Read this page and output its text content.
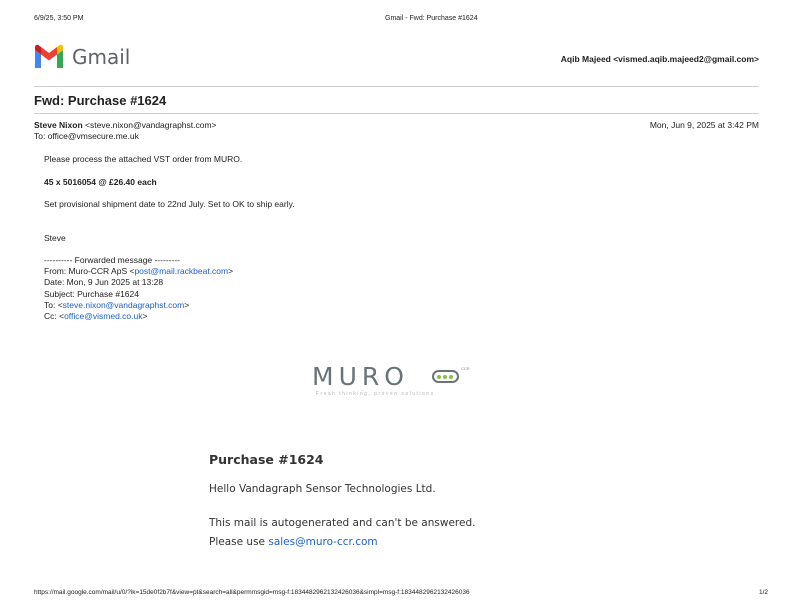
6/9/25, 3:50 PM	Gmail - Fwd: Purchase #1624
Gmail	Aqib Majeed <vismed.aqib.majeed2@gmail.com>
Fwd: Purchase #1624
Steve Nixon <steve.nixon@vandagraphst.com>	Mon, Jun 9, 2025 at 3:42 PM
To: office@vmsecure.me.uk
Please process the attached VST order from MURO.
45 x 5016054 @ £26.40 each
Set provisional shipment date to 22nd July. Set to OK to ship early.
Steve
---------- Forwarded message ---------
From: Muro-CCR ApS <post@mail.rackbeat.com>
Date: Mon, 9 Jun 2025 at 13:28
Subject: Purchase #1624
To: <steve.nixon@vandagraphst.com>
Cc: <office@vismed.co.uk>
MURO	CCR
Fresh thinking, proven solutions
Purchase #1624
Hello Vandagraph Sensor Technologies Ltd.
This mail is autogenerated and can't be answered.
Please use sales@muro-ccr.com
https://mail.google.com/mail/u/0/?ik=15de0f2b7f&view=pt&search=all&permmsgid=msg-f:1834482962132426036&simpl=msg-f:1834482962132426036	1/2
